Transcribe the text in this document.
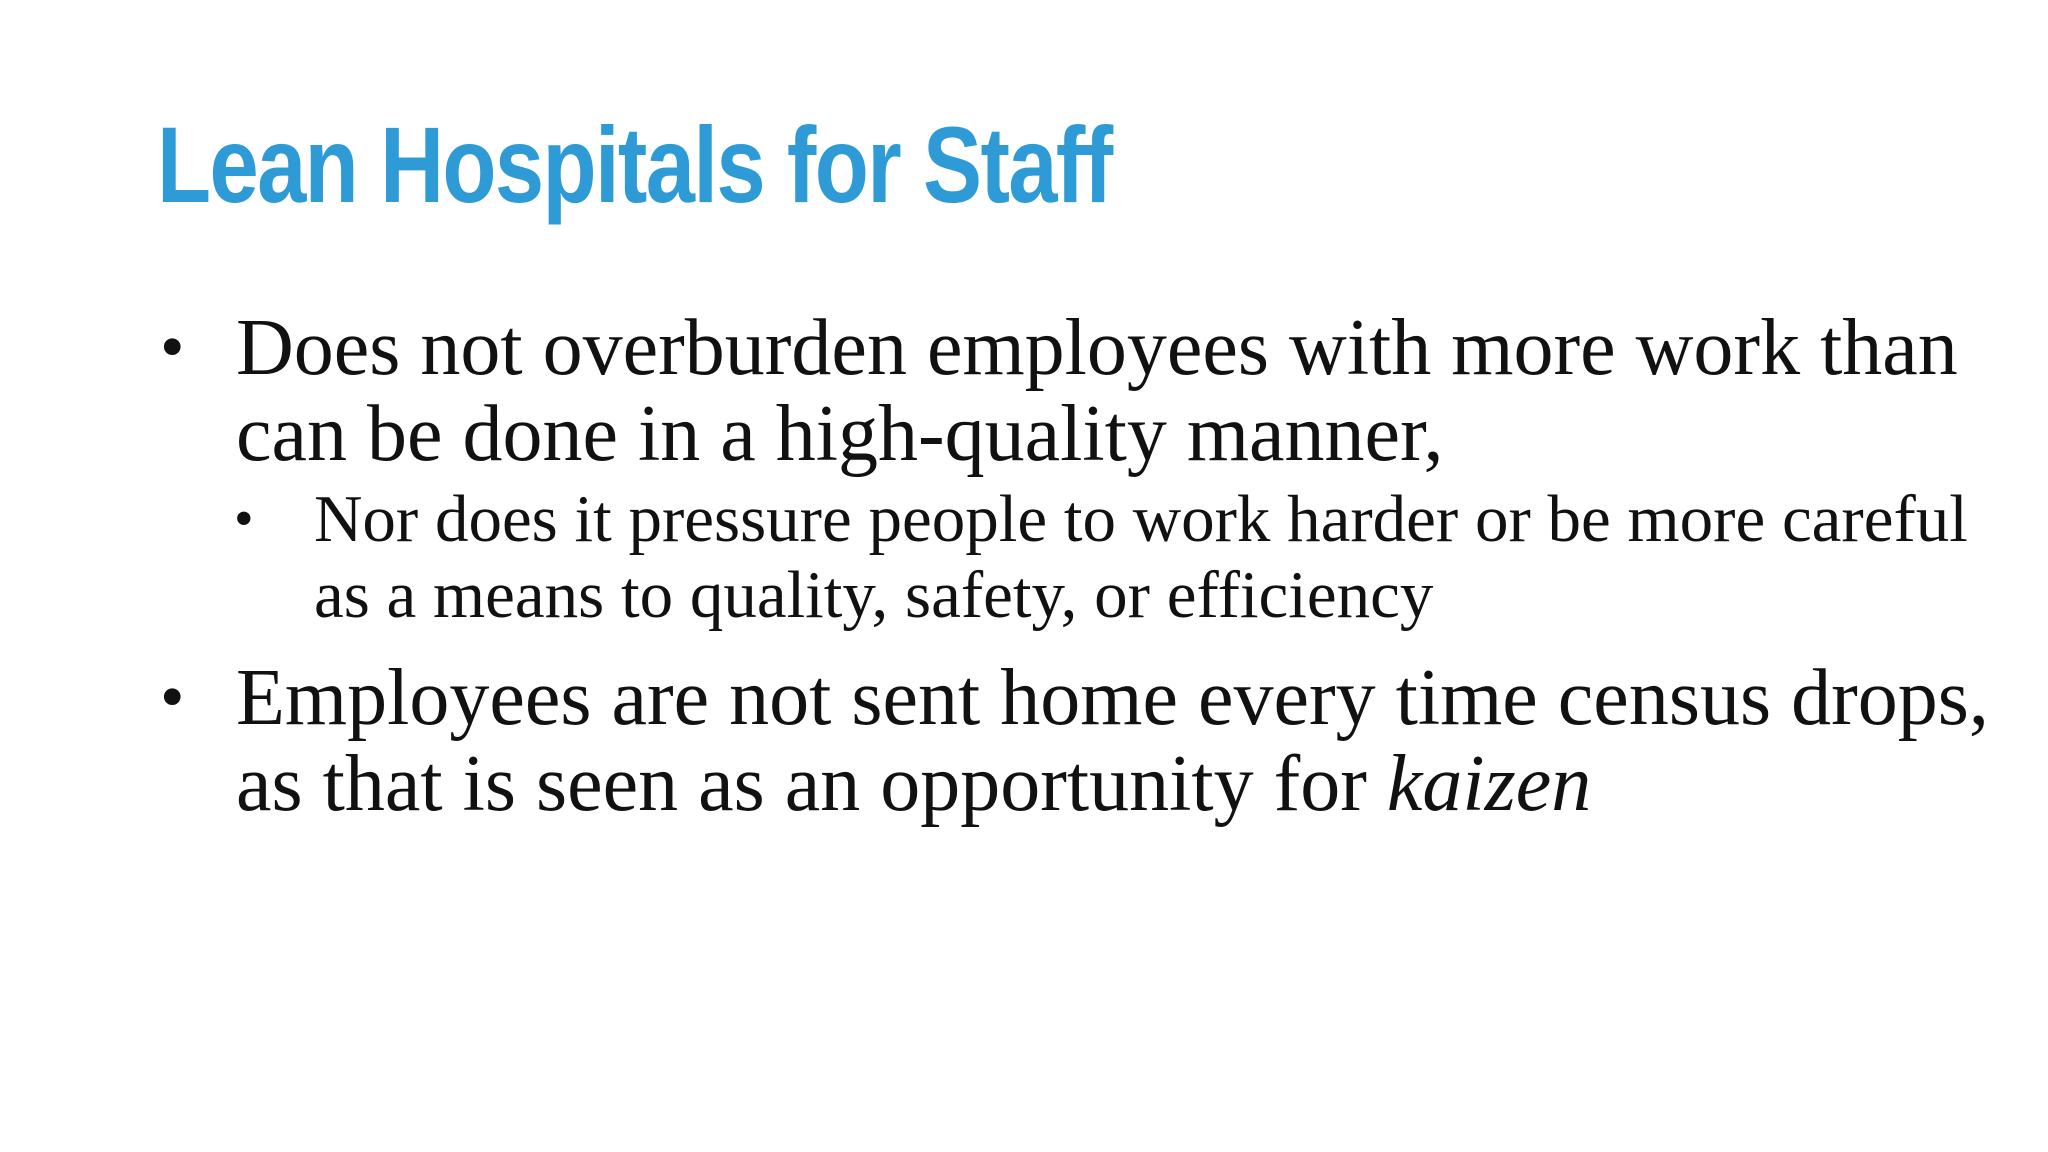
Lean Hospitals for Staff
• Does not overburden employees with more work than can be done in a high-quality manner,
• Nor does it pressure people to work harder or be more careful as a means to quality, safety, or efficiency
• Employees are not sent home every time census drops, as that is seen as an opportunity for kaizen
